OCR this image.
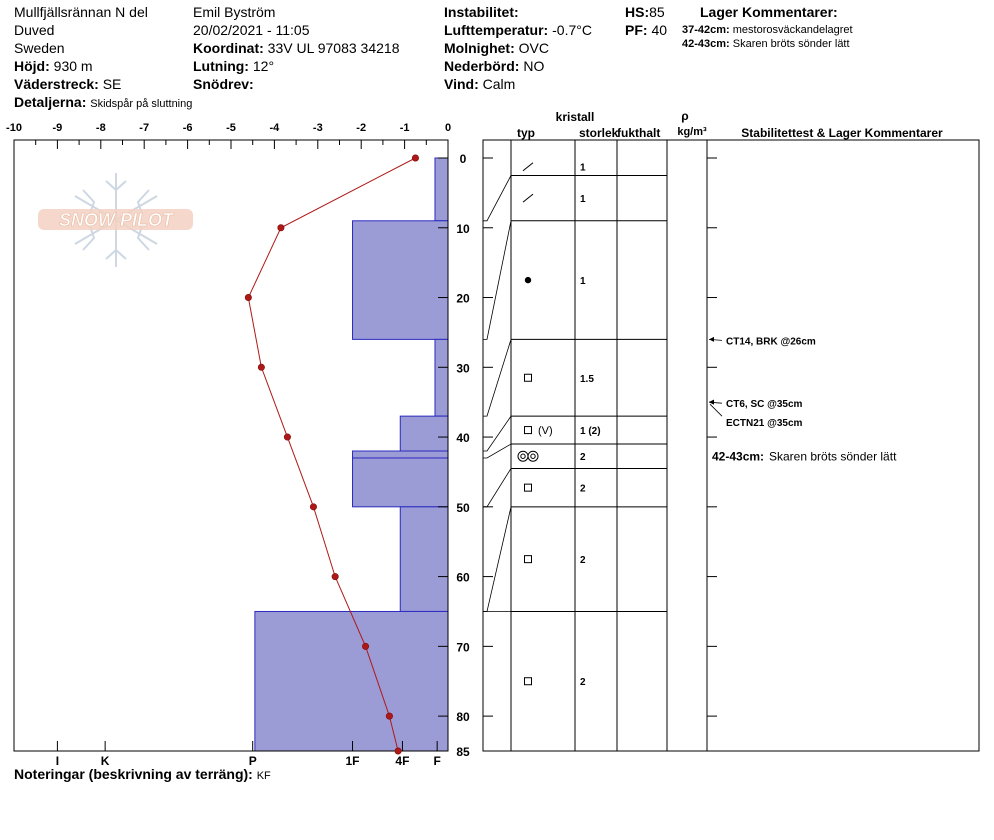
Mullfjällsrännan N del
Duved
Sweden
Höjd: 930 m
Väderstreck: SE
Detaljerna: Skidspår på sluttning
Emil Byström
20/02/2021 - 11:05
Koordinat: 33V UL 97083 34218
Lutning: 12°
Snödrev:
Instabilitet:
Lufttemperatur: -0.7°C
Molnighet: OVC
Nederbörd: NO
Vind: Calm
HS:85
PF: 40
Lager Kommentarer:
37-42cm: mestorosväckandelagret
42-43cm: Skaren bröts sönder lätt
SNOW PILOT
-10	-9	-8	-7	-6	-5	-4	-3	-2	-1	0
0
10
20
30
40
50
60
70
80
85
I	K	P	1F	4F F
kristall
typ	storlek
fukthalt
ρ
kg/m³	Stabilitettest & Lager Kommentarer
1
1
1
1.5
(V)	1 (2)
2
2
2
2
CT14, BRK @26cm
CT6, SC @35cm
ECTN21 @35cm
42-43cm: Skaren bröts sönder lätt
Noteringar (beskrivning av terräng): KF
